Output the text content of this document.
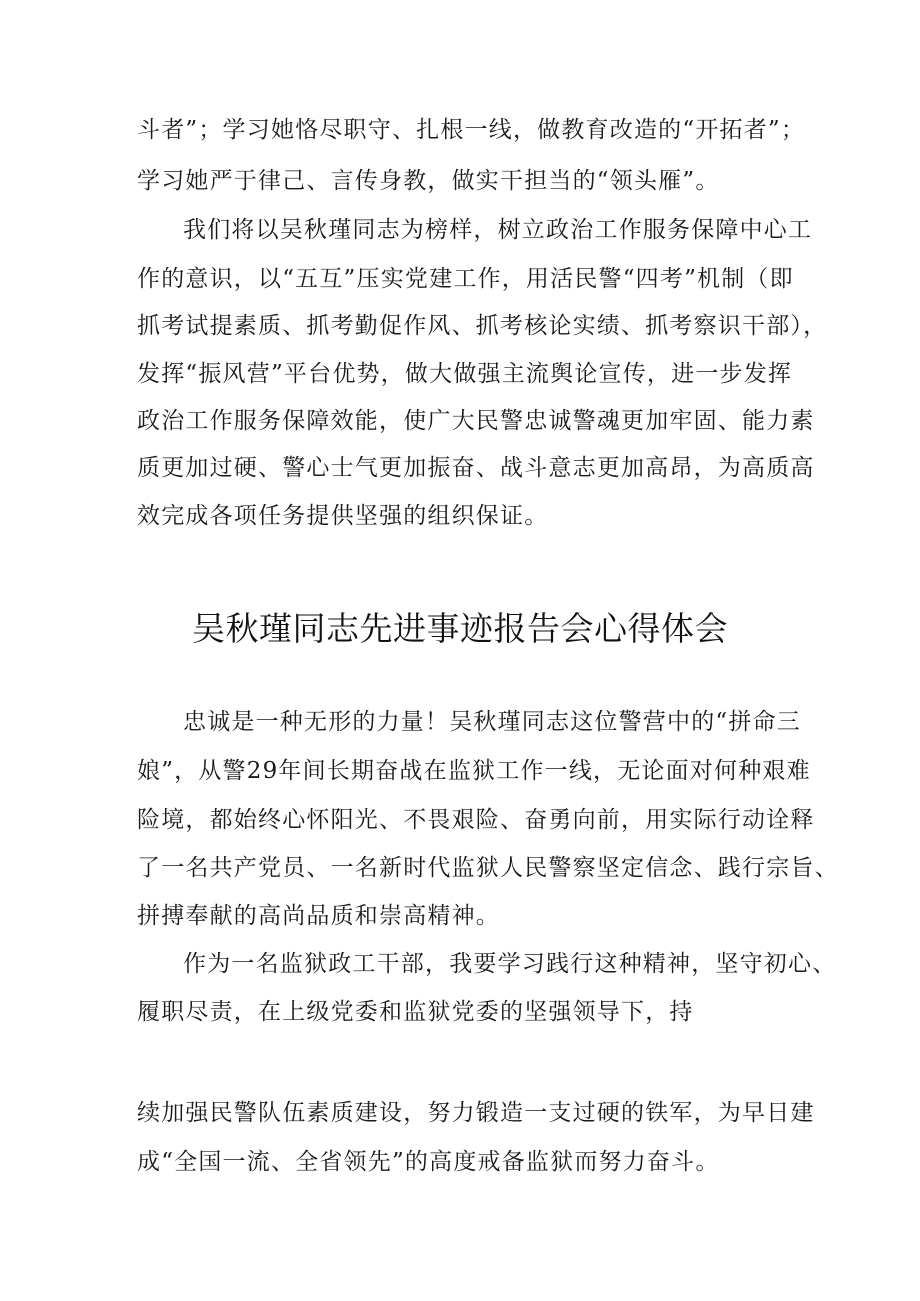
斗者”；学习她恪尽职守、扎根一线，做教育改造的“开拓者”；
学习她严于律己、言传身教，做实干担当的“领头雁”。
我们将以吴秋瑾同志为榜样，树立政治工作服务保障中心工
作的意识，以“五互”压实党建工作，用活民警“四考”机制（即
抓考试提素质、抓考勤促作风、抓考核论实绩、抓考察识干部），
发挥“振风营”平台优势，做大做强主流舆论宣传，进一步发挥
政治工作服务保障效能，使广大民警忠诚警魂更加牢固、能力素
质更加过硬、警心士气更加振奋、战斗意志更加高昂，为高质高
效完成各项任务提供坚强的组织保证。
吴秋瑾同志先进事迹报告会心得体会
忠诚是一种无形的力量！吴秋瑾同志这位警营中的“拼命三
娘”，从警29年间长期奋战在监狱工作一线，无论面对何种艰难
险境，都始终心怀阳光、不畏艰险、奋勇向前，用实际行动诠释
了一名共产党员、一名新时代监狱人民警察坚定信念、践行宗旨、
拼搏奉献的高尚品质和崇高精神。
作为一名监狱政工干部，我要学习践行这种精神，坚守初心、
履职尽责，在上级党委和监狱党委的坚强领导下，持
续加强民警队伍素质建设，努力锻造一支过硬的铁军，为早日建
成“全国一流、全省领先”的高度戒备监狱而努力奋斗。
